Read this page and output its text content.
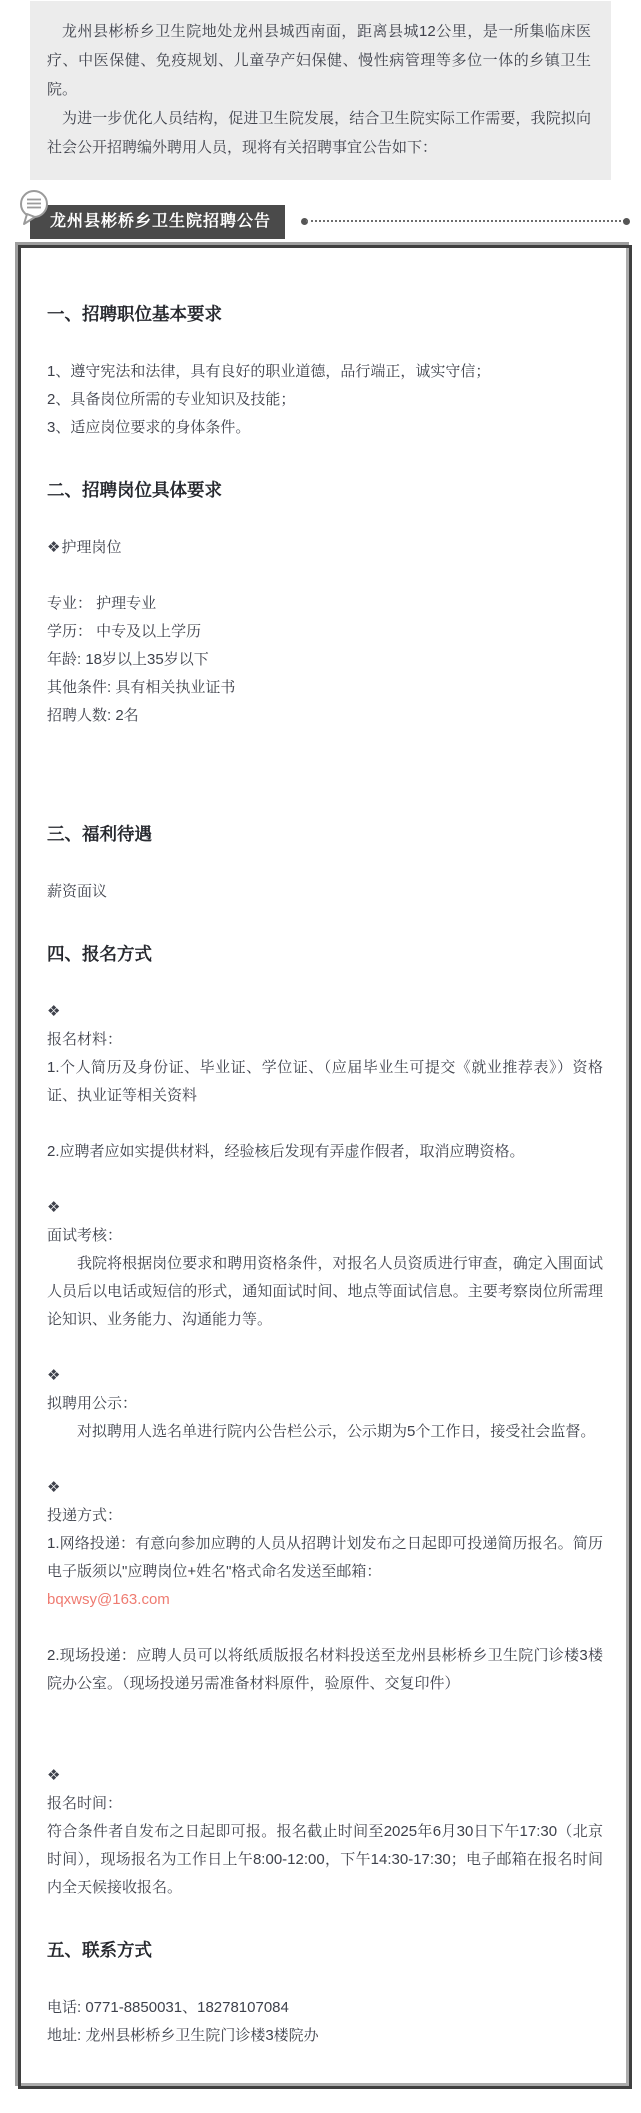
龙州县彬桥乡卫生院地处龙州县城西南面，距离县城12公里，是一所集临床医疗、中医保健、免疫规划、儿童孕产妇保健、慢性病管理等多位一体的乡镇卫生院。

为进一步优化人员结构，促进卫生院发展，结合卫生院实际工作需要，我院拟向社会公开招聘编外聘用人员，现将有关招聘事宜公告如下：

龙州县彬桥乡卫生院招聘公告
一、招聘职位基本要求

1、遵守宪法和法律，具有良好的职业道德，品行端正，诚实守信；

2、具备岗位所需的专业知识及技能；

3、适应岗位要求的身体条件。

二、招聘岗位具体要求

❖护理岗位

专业： 护理专业

学历： 中专及以上学历

年龄: 18岁以上35岁以下

其他条件: 具有相关执业证书

招聘人数: 2名

三、福利待遇

薪资面议

四、报名方式

❖

报名材料：

1.个人简历及身份证、毕业证、学位证、（应届毕业生可提交《就业推荐表》）资格证、执业证等相关资料

2.应聘者应如实提供材料，经验核后发现有弄虚作假者，取消应聘资格。

❖

面试考核：

我院将根据岗位要求和聘用资格条件，对报名人员资质进行审查，确定入围面试人员后以电话或短信的形式，通知面试时间、地点等面试信息。主要考察岗位所需理论知识、业务能力、沟通能力等。

❖

拟聘用公示：

对拟聘用人选名单进行院内公告栏公示，公示期为5个工作日，接受社会监督。

❖

投递方式：

1.网络投递：有意向参加应聘的人员从招聘计划发布之日起即可投递简历报名。简历电子版须以"应聘岗位+姓名"格式命名发送至邮箱：

bqxwsy@163.com

2.现场投递：应聘人员可以将纸质版报名材料投送至龙州县彬桥乡卫生院门诊楼3楼院办公室。（现场投递另需准备材料原件，验原件、交复印件）

❖

报名时间：

符合条件者自发布之日起即可报。报名截止时间至2025年6月30日下午17:30（北京时间），现场报名为工作日上午8:00-12:00，下午14:30-17:30；电子邮箱在报名时间内全天候接收报名。

五、联系方式

电话: 0771-8850031、18278107084

地址: 龙州县彬桥乡卫生院门诊楼3楼院办
